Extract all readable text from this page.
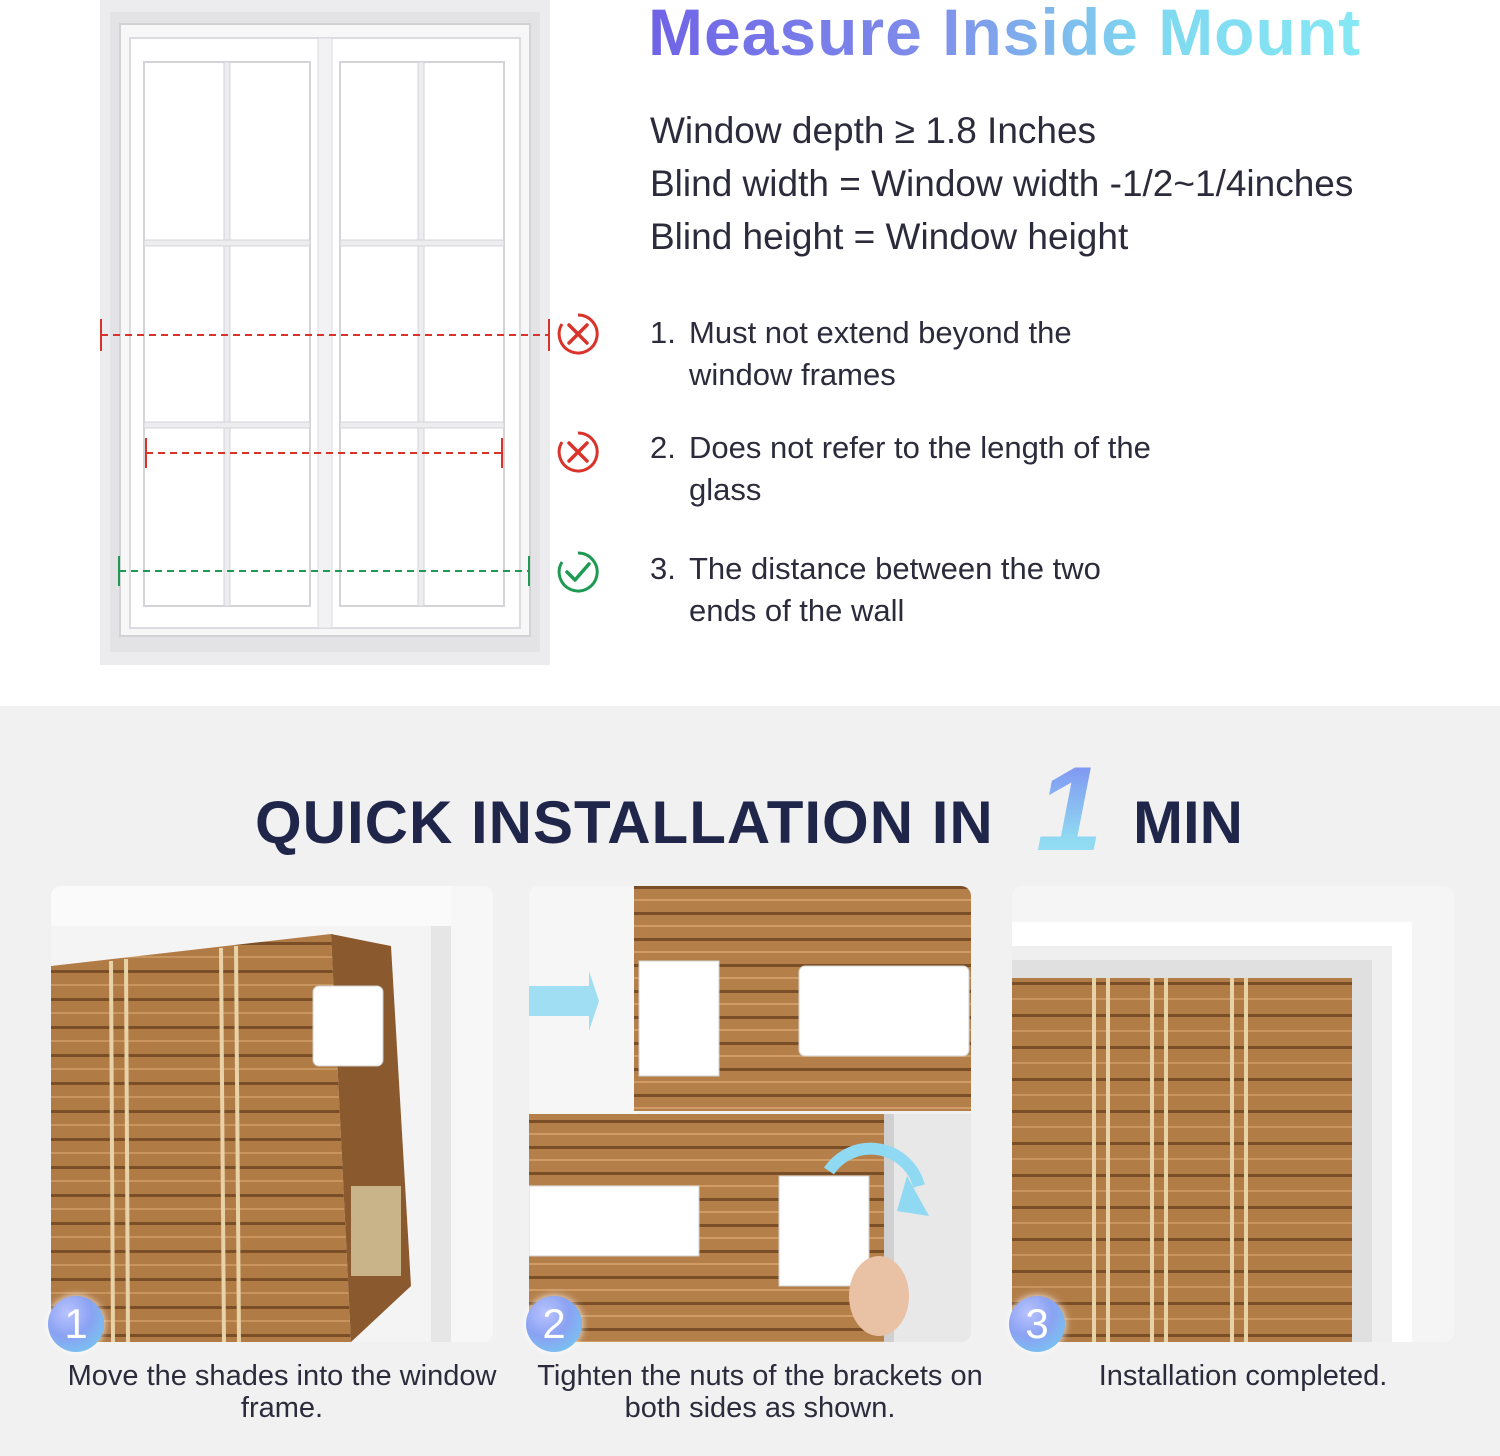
Measure Inside Mount
Window depth ≥ 1.8 Inches
Blind width = Window width -1/2~1/4inches
Blind height = Window height
1. Must not extend beyond the window frames
2. Does not refer to the length of the glass
3. The distance between the two ends of the wall
QUICK INSTALLATION IN 1 MIN
1	2	3
Move the shades into the window frame.
Tighten the nuts of the brackets on both sides as shown.
Installation completed.
